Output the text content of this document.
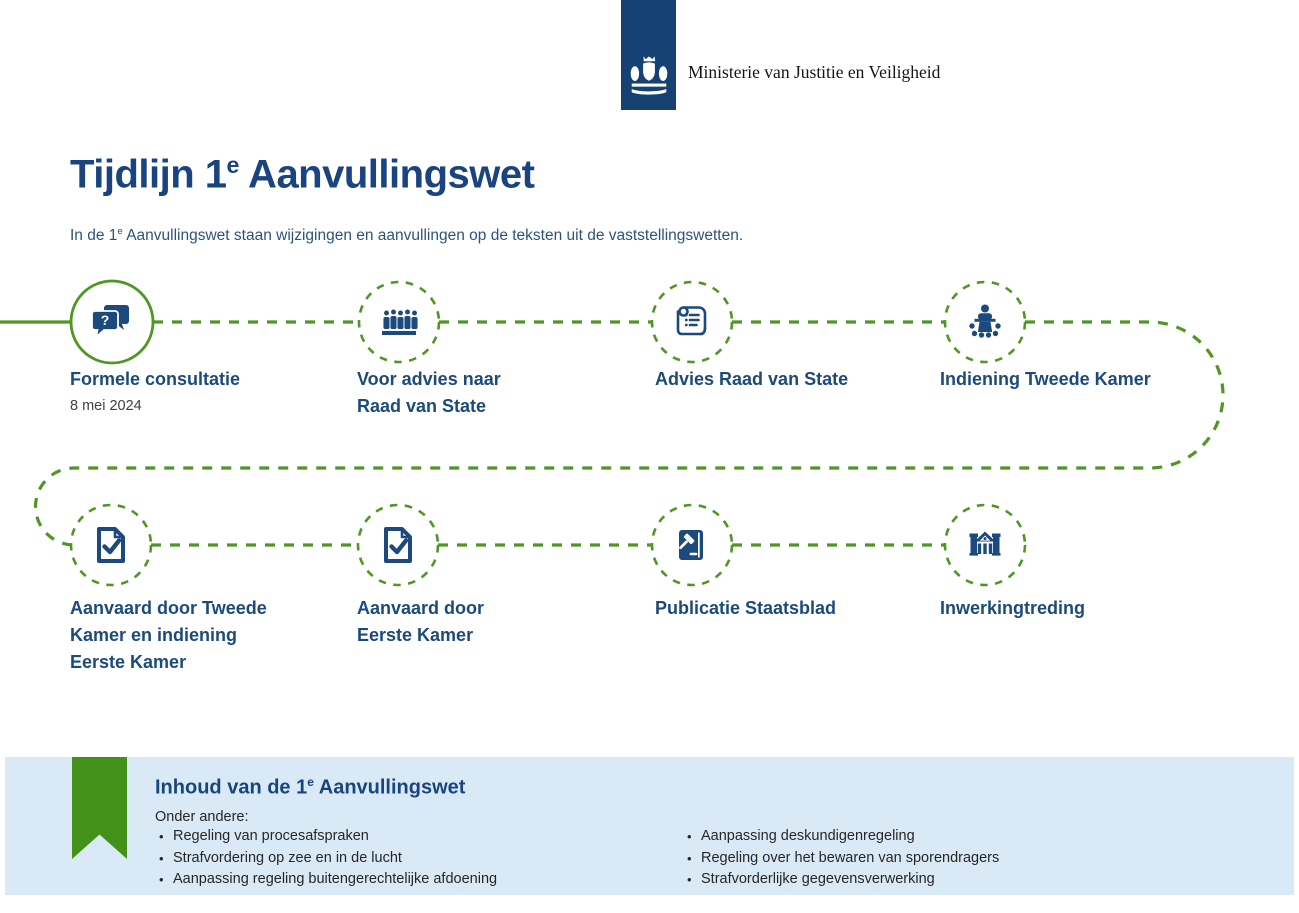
Ministerie van Justitie en Veiligheid
Tijdlijn 1e Aanvullingswet

In de 1e Aanvullingswet staan wijzigingen en aanvullingen op de teksten uit de vaststellingswetten.

?
Formele consultatie
8 mei 2024
Voor advies naar Raad van State
Advies Raad van State	Indiening Tweede Kamer
Aanvaard door Tweede Kamer en indiening Eerste Kamer
Aanvaard door Eerste Kamer
Publicatie Staatsblad	Inwerkingtreding
Inhoud van de 1e Aanvullingswet
Onder andere:
• Regeling van procesafspraken
• Strafvordering op zee en in de lucht
• Aanpassing regeling buitengerechtelijke afdoening
• Aanpassing deskundigenregeling
• Regeling over het bewaren van sporendragers
• Strafvorderlijke gegevensverwerking
